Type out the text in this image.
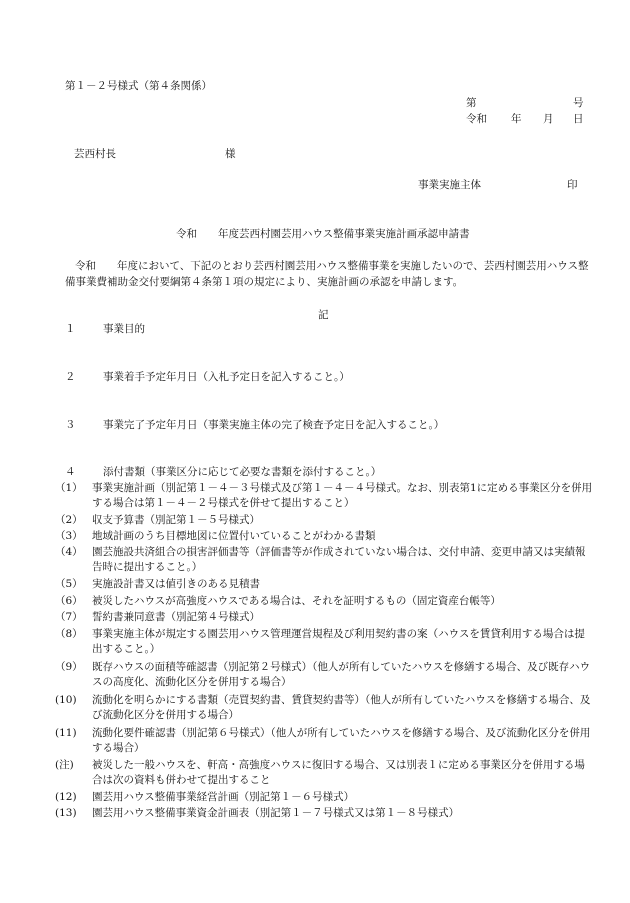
第１－２号様式（第４条関係）
第	号
令和 年 月 日
芸西村長	様
事業実施主体	印
令和　　年度芸西村園芸用ハウス整備事業実施計画承認申請書
令和　　年度において、下記のとおり芸西村園芸用ハウス整備事業を実施したいので、芸西村園芸用ハウス整備事業費補助金交付要綱第４条第１項の規定により、実施計画の承認を申請します。
記
１	事業目的
２	事業着手予定年月日（入札予定日を記入すること。）
３	事業完了予定年月日（事業実施主体の完了検査予定日を記入すること。）
４	添付書類（事業区分に応じて必要な書類を添付すること。）
（1） 事業実施計画（別記第１－４－３号様式及び第１－４－４号様式。なお、別表第1に定める事業区分を併用する場合は第１－４－２号様式を併せて提出すること）
（2） 収支予算書（別記第１－５号様式）
（3） 地域計画のうち目標地図に位置付いていることがわかる書類
（4） 園芸施設共済組合の損害評価書等（評価書等が作成されていない場合は、交付申請、変更申請又は実績報告時に提出すること。）
（5） 実施設計書又は値引きのある見積書
（6） 被災したハウスが高強度ハウスである場合は、それを証明するもの（固定資産台帳等）
（7） 誓約書兼同意書（別記第４号様式）
（8） 事業実施主体が規定する園芸用ハウス管理運営規程及び利用契約書の案（ハウスを賃貸利用する場合は提出すること。）
（9） 既存ハウスの面積等確認書（別記第２号様式）（他人が所有していたハウスを修繕する場合、及び既存ハウスの高度化、流動化区分を併用する場合）
(10) 流動化を明らかにする書類（売買契約書、賃貸契約書等）（他人が所有していたハウスを修繕する場合、及び流動化区分を併用する場合）
(11) 流動化要件確認書（別記第６号様式）（他人が所有していたハウスを修繕する場合、及び流動化区分を併用する場合）
(注) 被災した一般ハウスを、軒高・高強度ハウスに復旧する場合、又は別表１に定める事業区分を併用する場合は次の資料も併わせて提出すること
(12) 園芸用ハウス整備事業経営計画（別記第１－６号様式）
(13) 園芸用ハウス整備事業資金計画表（別記第１－７号様式又は第１－８号様式）
